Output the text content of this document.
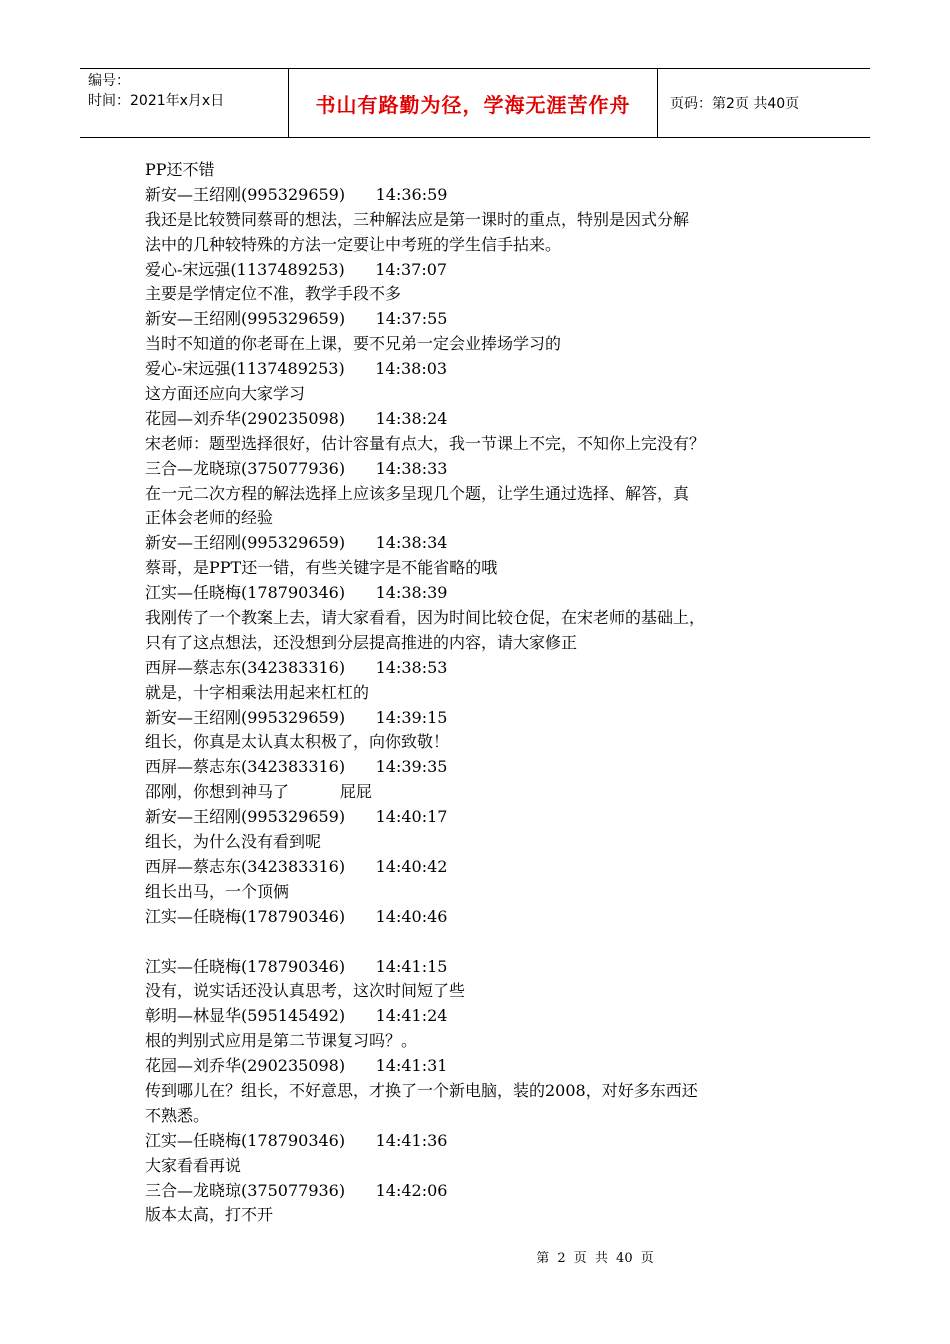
编号：
时间：2021年x月x日	书山有路勤为径，学海无涯苦作舟	页码：第2页 共40页
PP还不错
新安—王绍刚(995329659)      14:36:59
我还是比较赞同蔡哥的想法，三种解法应是第一课时的重点，特别是因式分解
法中的几种较特殊的方法一定要让中考班的学生信手拈来。
爱心-宋远强(1137489253)      14:37:07
主要是学情定位不准，教学手段不多
新安—王绍刚(995329659)      14:37:55
当时不知道的你老哥在上课，要不兄弟一定会业捧场学习的
爱心-宋远强(1137489253)      14:38:03
这方面还应向大家学习
花园—刘乔华(290235098)      14:38:24
宋老师：题型选择很好，估计容量有点大，我一节课上不完，不知你上完没有？
三合—龙晓琼(375077936)      14:38:33
在一元二次方程的解法选择上应该多呈现几个题，让学生通过选择、解答，真
正体会老师的经验
新安—王绍刚(995329659)      14:38:34
蔡哥，是PPT还一错，有些关键字是不能省略的哦
江实—任晓梅(178790346)      14:38:39
我刚传了一个教案上去，请大家看看，因为时间比较仓促，在宋老师的基础上，
只有了这点想法，还没想到分层提高推进的内容，请大家修正
西屏—蔡志东(342383316)      14:38:53
就是，十字相乘法用起来杠杠的
新安—王绍刚(995329659)      14:39:15
组长，你真是太认真太积极了，向你致敬！
西屏—蔡志东(342383316)      14:39:35
邵刚，你想到神马了          屁屁
新安—王绍刚(995329659)      14:40:17
组长，为什么没有看到呢
西屏—蔡志东(342383316)      14:40:42
组长出马，一个顶俩
江实—任晓梅(178790346)      14:40:46
江实—任晓梅(178790346)      14:41:15
没有，说实话还没认真思考，这次时间短了些
彰明—林显华(595145492)      14:41:24
根的判别式应用是第二节课复习吗？。
花园—刘乔华(290235098)      14:41:31
传到哪儿在？组长，不好意思，才换了一个新电脑，装的2008，对好多东西还
不熟悉。
江实—任晓梅(178790346)      14:41:36
大家看看再说
三合—龙晓琼(375077936)      14:42:06
版本太高，打不开
第 2 页 共 40 页
